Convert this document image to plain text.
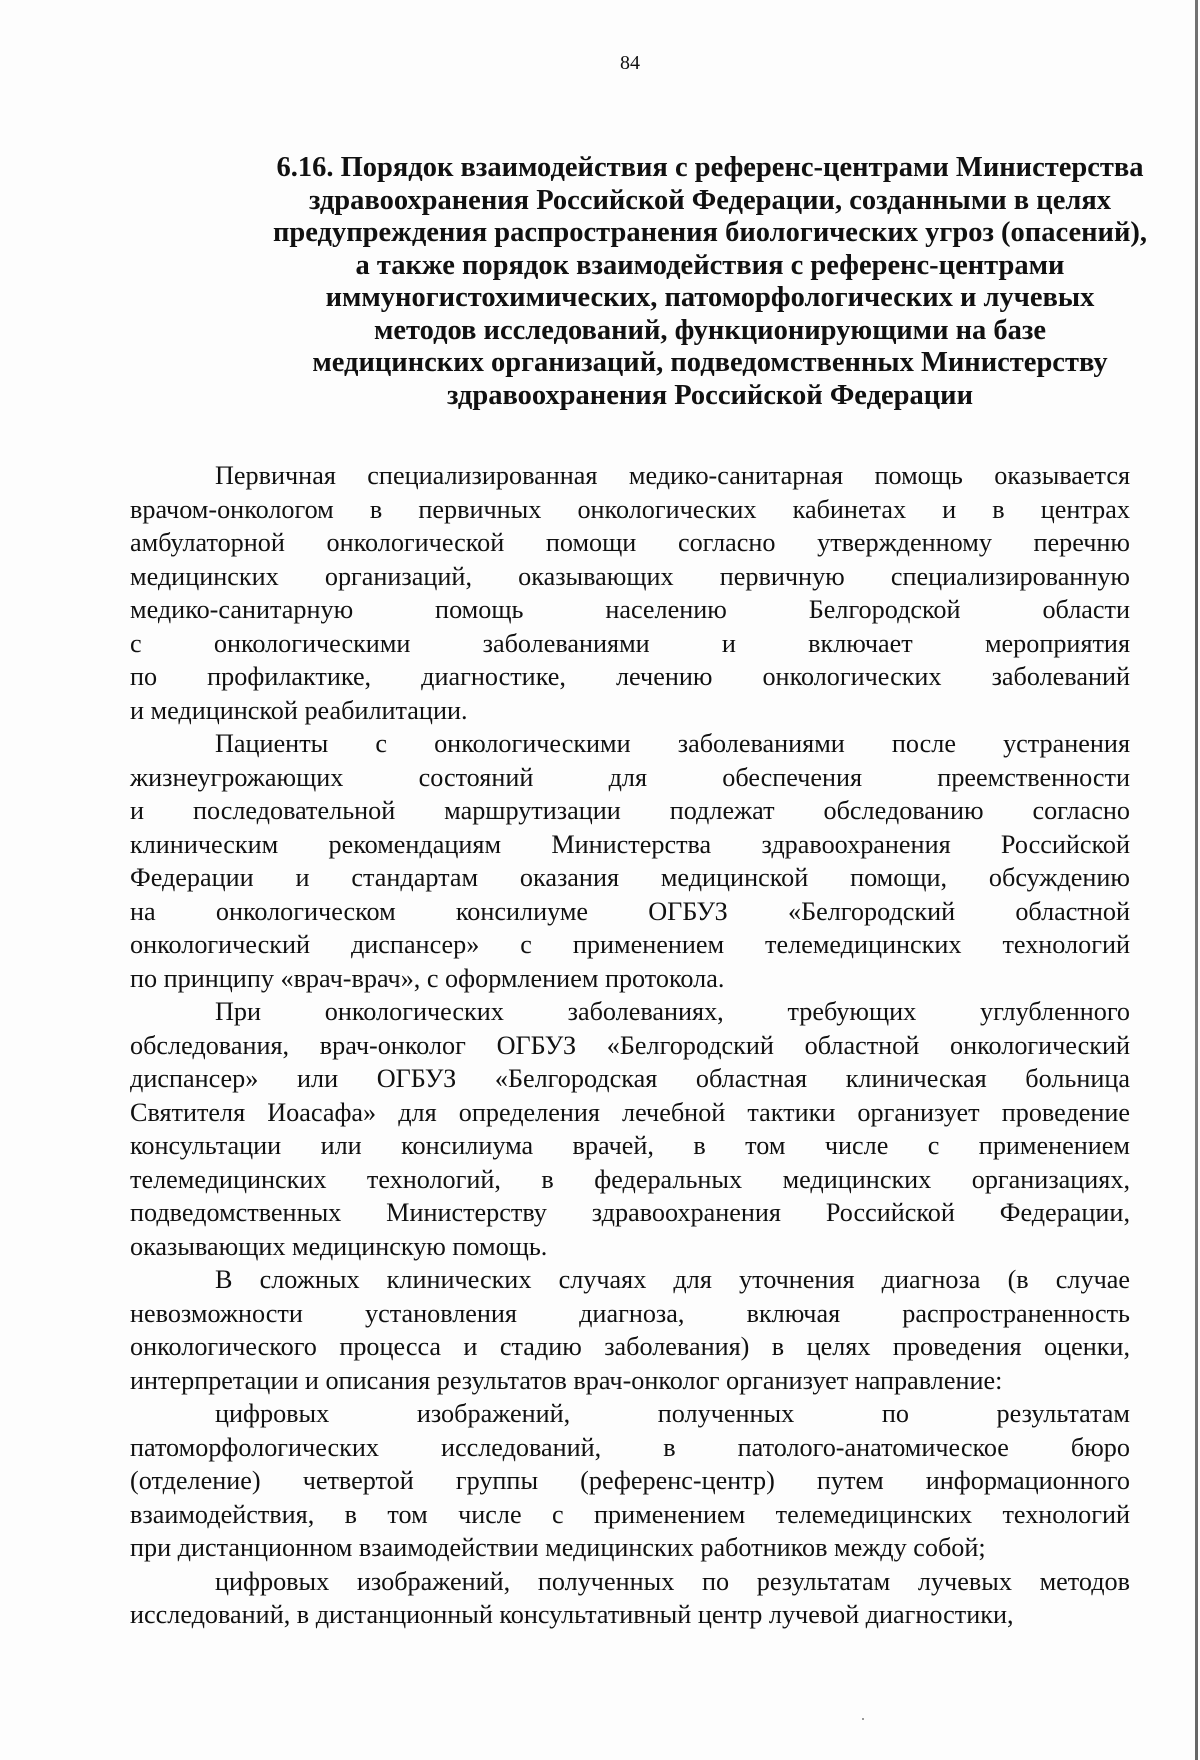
84
6.16. Порядок взаимодействия с референс-центрами Министерства
здравоохранения Российской Федерации, созданными в целях
предупреждения распространения биологических угроз (опасений),
а также порядок взаимодействия с референс-центрами
иммуногистохимических, патоморфологических и лучевых
методов исследований, функционирующими на базе
медицинских организаций, подведомственных Министерству
здравоохранения Российской Федерации
Первичная специализированная медико-санитарная помощь оказывается
врачом-онкологом в первичных онкологических кабинетах и в центрах
амбулаторной онкологической помощи согласно утвержденному перечню
медицинских организаций, оказывающих первичную специализированную
медико-санитарную помощь населению Белгородской области
с онкологическими заболеваниями и включает мероприятия
по профилактике, диагностике, лечению онкологических заболеваний
и медицинской реабилитации.
Пациенты с онкологическими заболеваниями после устранения
жизнеугрожающих состояний для обеспечения преемственности
и последовательной маршрутизации подлежат обследованию согласно
клиническим рекомендациям Министерства здравоохранения Российской
Федерации и стандартам оказания медицинской помощи, обсуждению
на онкологическом консилиуме ОГБУЗ «Белгородский областной
онкологический диспансер» с применением телемедицинских технологий
по принципу «врач-врач», с оформлением протокола.
При онкологических заболеваниях, требующих углубленного
обследования, врач-онколог ОГБУЗ «Белгородский областной онкологический
диспансер» или ОГБУЗ «Белгородская областная клиническая больница
Святителя Иоасафа» для определения лечебной тактики организует проведение
консультации или консилиума врачей, в том числе с применением
телемедицинских технологий, в федеральных медицинских организациях,
подведомственных Министерству здравоохранения Российской Федерации,
оказывающих медицинскую помощь.
В сложных клинических случаях для уточнения диагноза (в случае
невозможности установления диагноза, включая распространенность
онкологического процесса и стадию заболевания) в целях проведения оценки,
интерпретации и описания результатов врач-онколог организует направление:
цифровых изображений, полученных по результатам
патоморфологических исследований, в патолого-анатомическое бюро
(отделение) четвертой группы (референс-центр) путем информационного
взаимодействия, в том числе с применением телемедицинских технологий
при дистанционном взаимодействии медицинских работников между собой;
цифровых изображений, полученных по результатам лучевых методов
исследований, в дистанционный консультативный центр лучевой диагностики,
